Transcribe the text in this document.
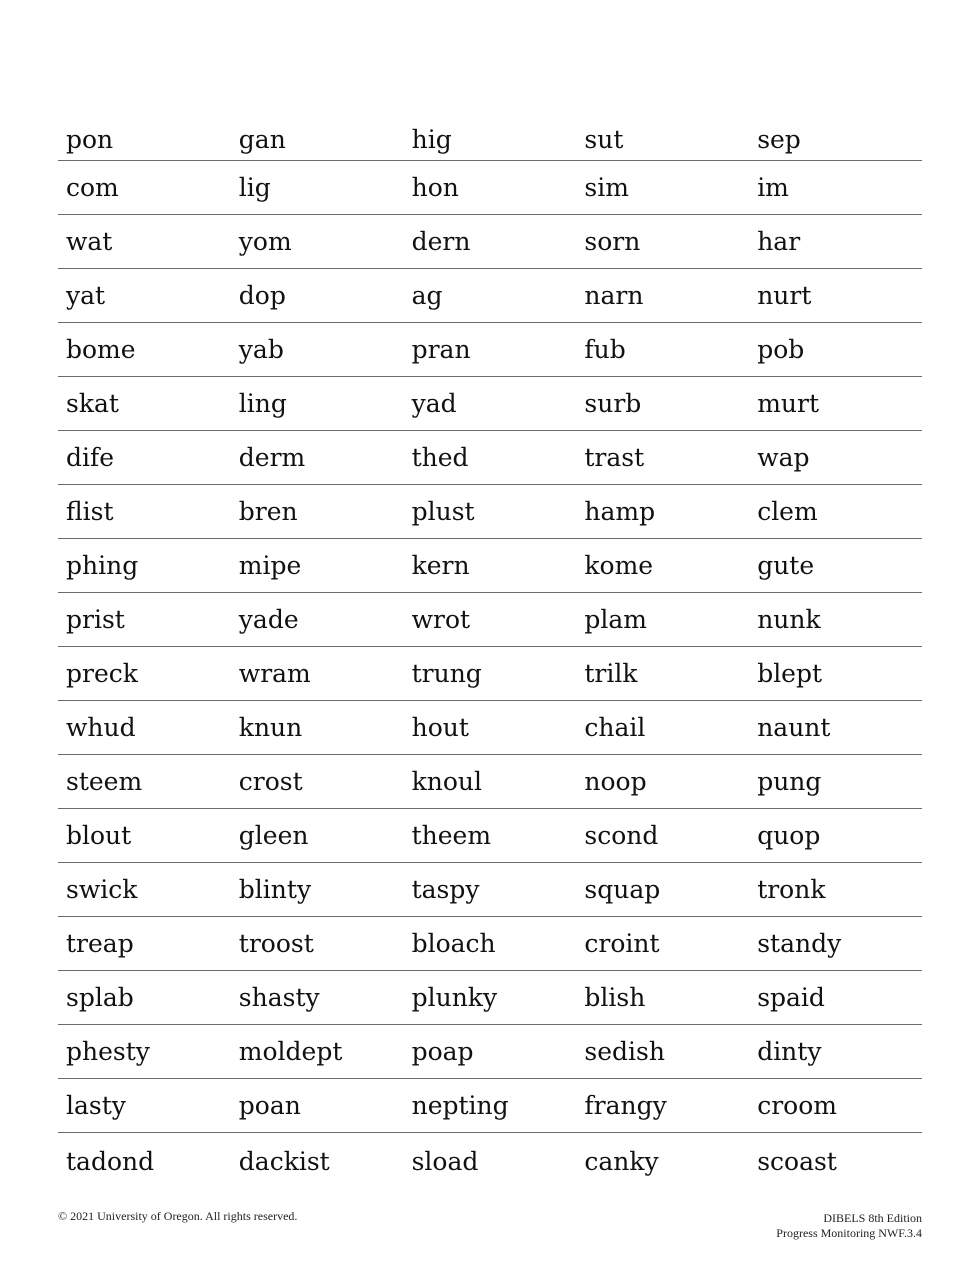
pon	gan	hig	sut	sep
com	lig	hon	sim	im
wat	yom	dern	sorn	har
yat	dop	ag	narn	nurt
bome	yab	pran	fub	pob
skat	ling	yad	surb	murt
dife	derm	thed	trast	wap
flist	bren	plust	hamp	clem
phing	mipe	kern	kome	gute
prist	yade	wrot	plam	nunk
preck	wram	trung	trilk	blept
whud	knun	hout	chail	naunt
steem	crost	knoul	noop	pung
blout	gleen	theem	scond	quop
swick	blinty	taspy	squap	tronk
treap	troost	bloach	croint	standy
splab	shasty	plunky	blish	spaid
phesty	moldept	poap	sedish	dinty
lasty	poan	nepting	frangy	croom
tadond	dackist	sload	canky	scoast
© 2021 University of Oregon. All rights reserved.	DIBELS 8th Edition
Progress Monitoring NWF.3.4
